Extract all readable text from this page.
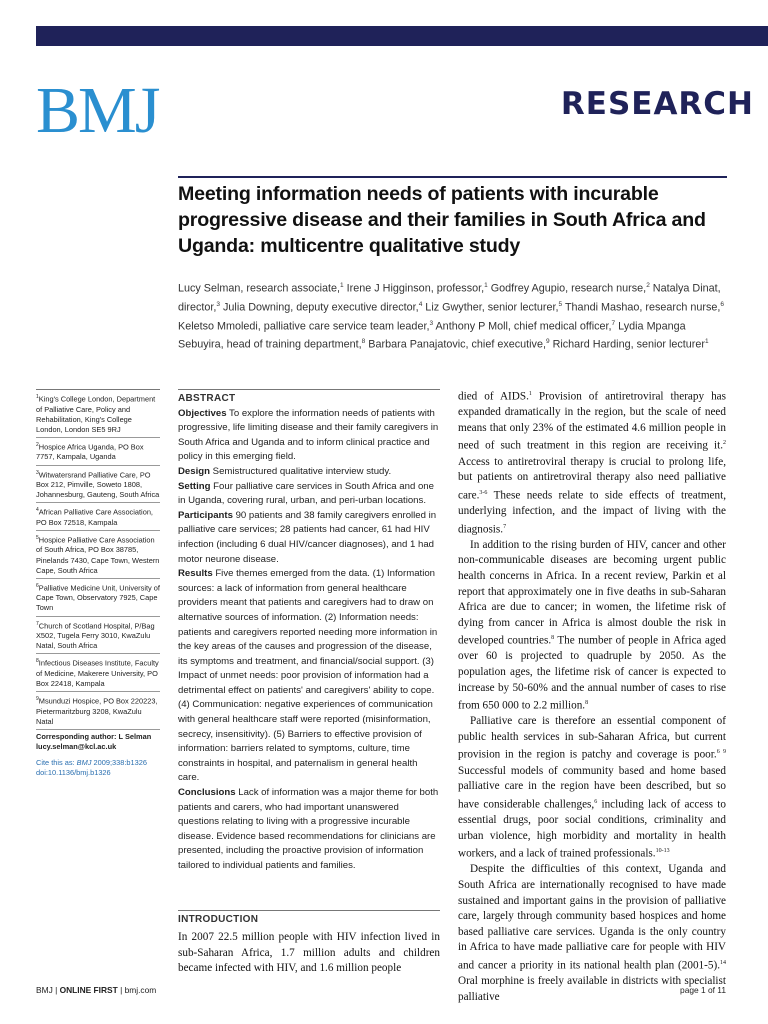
BMJ	RESEARCH
Meeting information needs of patients with incurable progressive disease and their families in South Africa and Uganda: multicentre qualitative study
Lucy Selman, research associate,$^1$ Irene J Higginson, professor,$^1$ Godfrey Agupio, research nurse,$^2$ Natalya Dinat, director,$^3$ Julia Downing, deputy executive director,$^4$ Liz Gwyther, senior lecturer,$^5$ Thandi Mashao, research nurse,$^6$ Keletso Mmoledi, palliative care service team leader,$^3$ Anthony P Moll, chief medical officer,$^7$ Lydia Mpanga Sebuyira, head of training department,$^8$ Barbara Panajatovic, chief executive,$^9$ Richard Harding, senior lecturer$^1$
$^1$King's College London, Department of Palliative Care, Policy and Rehabilitation, King's College London, London SE5 9RJ
$^2$Hospice Africa Uganda, PO Box 7757, Kampala, Uganda
$^3$Witwatersrand Palliative Care, PO Box 212, Pimville, Soweto 1808, Johannesburg, Gauteng, South Africa
$^4$African Palliative Care Association, PO Box 72518, Kampala
$^5$Hospice Palliative Care Association of South Africa, PO Box 38785, Pinelands 7430, Cape Town, Western Cape, South Africa
$^6$Palliative Medicine Unit, University of Cape Town, Observatory 7925, Cape Town
$^7$Church of Scotland Hospital, P/Bag X502, Tugela Ferry 3010, KwaZulu Natal, South Africa
$^8$Infectious Diseases Institute, Faculty of Medicine, Makerere University, PO Box 22418, Kampala
$^9$Msunduzi Hospice, PO Box 220223, Pietermaritzburg 3208, KwaZulu Natal
Corresponding author: L Selman
lucy.selman@kcl.ac.uk
Cite this as: BMJ 2009;338:b1326
doi:10.1136/bmj.b1326
ABSTRACT
Objectives To explore the information needs of patients with progressive, life limiting disease and their family caregivers in South Africa and Uganda and to inform clinical practice and policy in this emerging field.
Design Semistructured qualitative interview study.
Setting Four palliative care services in South Africa and one in Uganda, covering rural, urban, and peri-urban locations.
Participants 90 patients and 38 family caregivers enrolled in palliative care services; 28 patients had cancer, 61 had HIV infection (including 6 dual HIV/cancer diagnoses), and 1 had motor neurone disease.
Results Five themes emerged from the data. (1) Information sources: a lack of information from general healthcare providers meant that patients and caregivers had to draw on alternative sources of information. (2) Information needs: patients and caregivers reported needing more information in the key areas of the causes and progression of the disease, its symptoms and treatment, and financial/social support. (3) Impact of unmet needs: poor provision of information had a detrimental effect on patients' and caregivers' ability to cope. (4) Communication: negative experiences of communication with general healthcare staff were reported (misinformation, secrecy, insensitivity). (5) Barriers to effective provision of information: barriers related to symptoms, culture, time constraints in hospital, and paternalism in general health care.
Conclusions Lack of information was a major theme for both patients and carers, who had important unanswered questions relating to living with a progressive incurable disease. Evidence based recommendations for clinicians are presented, including the proactive provision of information tailored to individual patients and families.
INTRODUCTION
In 2007 22.5 million people with HIV infection lived in sub-Saharan Africa, 1.7 million adults and children became infected with HIV, and 1.6 million people

died of AIDS.$^1$ Provision of antiretroviral therapy has expanded dramatically in the region, but the scale of need means that only 23% of the estimated 4.6 million people in need of such treatment in this region are receiving it.$^2$ Access to antiretroviral therapy is crucial to prolong life, but patients on antiretroviral therapy also need palliative care.$^{3-6}$ These needs relate to side effects of treatment, underlying infection, and the impact of living with the diagnosis.$^7$

In addition to the rising burden of HIV, cancer and other non-communicable diseases are becoming urgent public health concerns in Africa. In a recent review, Parkin et al report that approximately one in five deaths in sub-Saharan Africa are due to cancer; in women, the lifetime risk of dying from cancer in Africa is almost double the risk in developed countries.$^8$ The number of people in Africa aged over 60 is projected to quadruple by 2050. As the population ages, the lifetime risk of cancer is expected to increase by 50-60% and the annual number of cases to rise from 650 000 to 2.2 million.$^8$

Palliative care is therefore an essential component of public health services in sub-Saharan Africa, but current provision in the region is patchy and coverage is poor.$^{6 9}$ Successful models of community based and home based palliative care in the region have been described, but so have considerable challenges,$^6$ including lack of access to essential drugs, poor social conditions, criminality and urban violence, high morbidity and mortality in health workers, and a lack of trained professionals.$^{10-13}$

Despite the difficulties of this context, Uganda and South Africa are internationally recognised to have made sustained and important gains in the provision of palliative care, largely through community based hospices and home based palliative care services. Uganda is the only country in Africa to have made palliative care for people with HIV and cancer a priority in its national health plan (2001-5).$^{14}$ Oral morphine is freely available in districts with specialist palliative

BMJ | ONLINE FIRST | bmj.com	page 1 of 11
